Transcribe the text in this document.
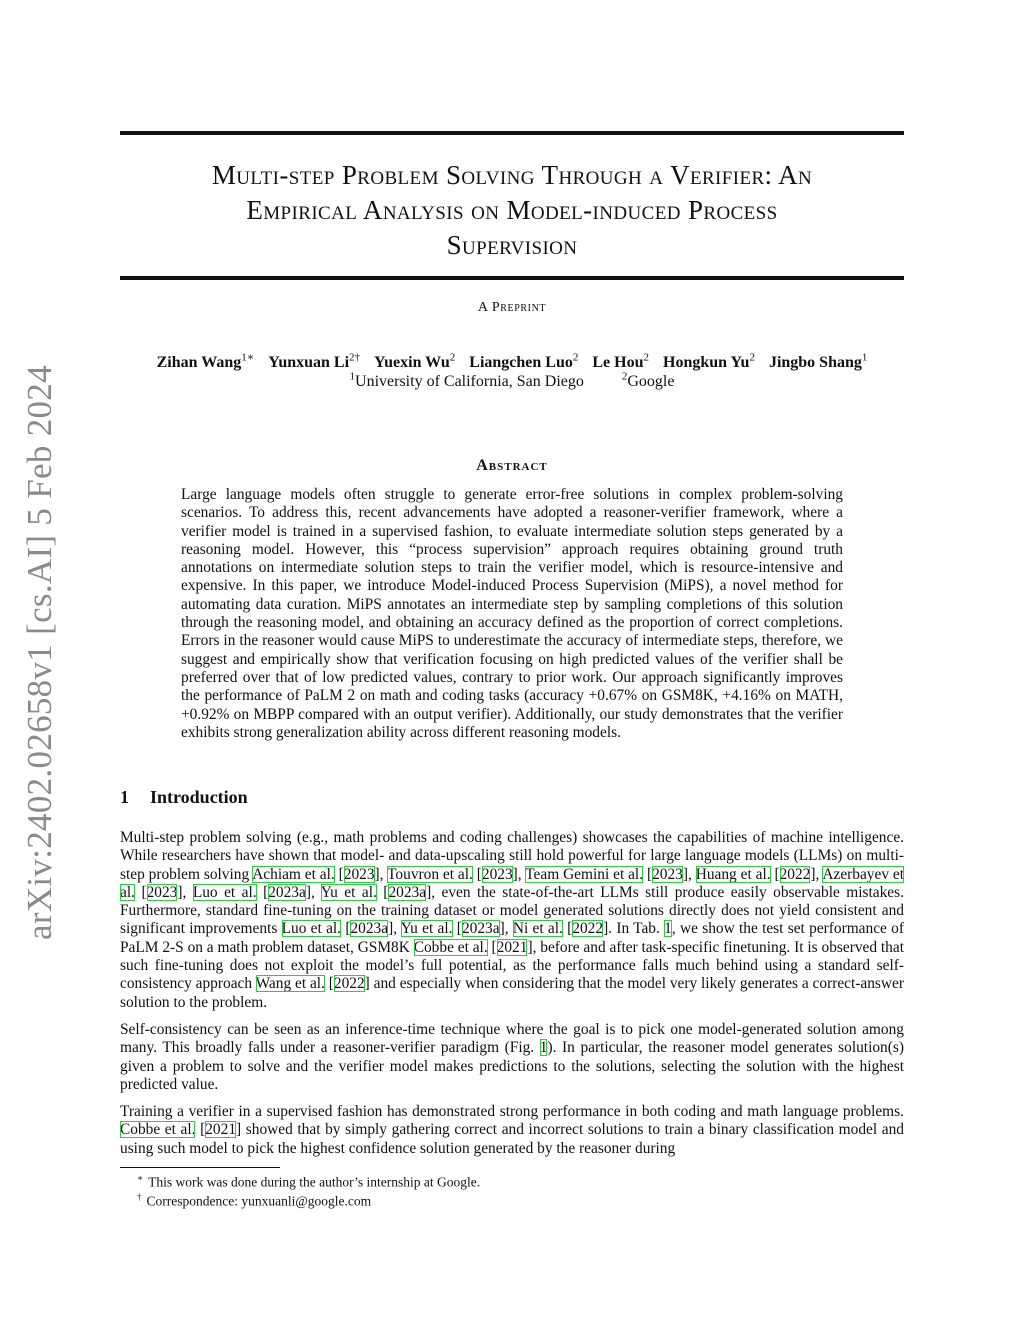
arXiv:2402.02658v1 [cs.AI] 5 Feb 2024
Multi-step Problem Solving Through a Verifier: An
Empirical Analysis on Model-induced Process
Supervision
A Preprint
Zihan Wang$^{1∗}$ Yunxuan $Li^{2\dagger}$ Yuexin Wu$^2$ Liangchen Luo$^2$ Le Hou$^2$ Hongkun Yu$^2$ Jingbo Shang$^1$
$^1$University of California, San Diego	$^2$Google
Abstract
Large language models often struggle to generate error-free solutions in complex problem-solving scenarios. To address this, recent advancements have adopted a reasoner-verifier framework, where a verifier model is trained in a supervised fashion, to evaluate intermediate solution steps generated by a reasoning model. However, this “process supervision” approach requires obtaining ground truth annotations on intermediate solution steps to train the verifier model, which is resource-intensive and expensive. In this paper, we introduce Model-induced Process Supervision (MiPS), a novel method for automating data curation. MiPS annotates an intermediate step by sampling completions of this solution through the reasoning model, and obtaining an accuracy defined as the proportion of correct completions. Errors in the reasoner would cause MiPS to underestimate the accuracy of intermediate steps, therefore, we suggest and empirically show that verification focusing on high predicted values of the verifier shall be preferred over that of low predicted values, contrary to prior work. Our approach significantly improves the performance of PaLM 2 on math and coding tasks (accuracy +0.67% on GSM8K, +4.16% on MATH, +0.92% on MBPP compared with an output verifier). Additionally, our study demonstrates that the verifier exhibits strong generalization ability across different reasoning models.
1 Introduction

Multi-step problem solving (e.g., math problems and coding challenges) showcases the capabilities of machine intelligence. While researchers have shown that model- and data-upscaling still hold powerful for large language models (LLMs) on multi-step problem solving Achiam et al. [2023], Touvron et al. [2023], Team Gemini et al. [2023], Huang et al. [2022], Azerbayev et al. [2023], Luo et al. [2023a], Yu et al. [2023a], even the state-of-the-art LLMs still produce easily observable mistakes. Furthermore, standard fine-tuning on the training dataset or model generated solutions directly does not yield consistent and significant improvements Luo et al. [2023a], Yu et al. [2023a], Ni et al. [2022]. In Tab. 1, we show the test set performance of PaLM 2-S on a math problem dataset, GSM8K Cobbe et al. [2021], before and after task-specific finetuning. It is observed that such fine-tuning does not exploit the model’s full potential, as the performance falls much behind using a standard self-consistency approach Wang et al. [2022] and especially when considering that the model very likely generates a correct-answer solution to the problem.

Self-consistency can be seen as an inference-time technique where the goal is to pick one model-generated solution among many. This broadly falls under a reasoner-verifier paradigm (Fig. 1). In particular, the reasoner model generates solution(s) given a problem to solve and the verifier model makes predictions to the solutions, selecting the solution with the highest predicted value.

Training a verifier in a supervised fashion has demonstrated strong performance in both coding and math language problems. Cobbe et al. [2021] showed that by simply gathering correct and incorrect solutions to train a binary classification model and using such model to pick the highest confidence solution generated by the reasoner during

∗ This work was done during the author’s internship at Google.
† Correspondence: yunxuanli@google.com
